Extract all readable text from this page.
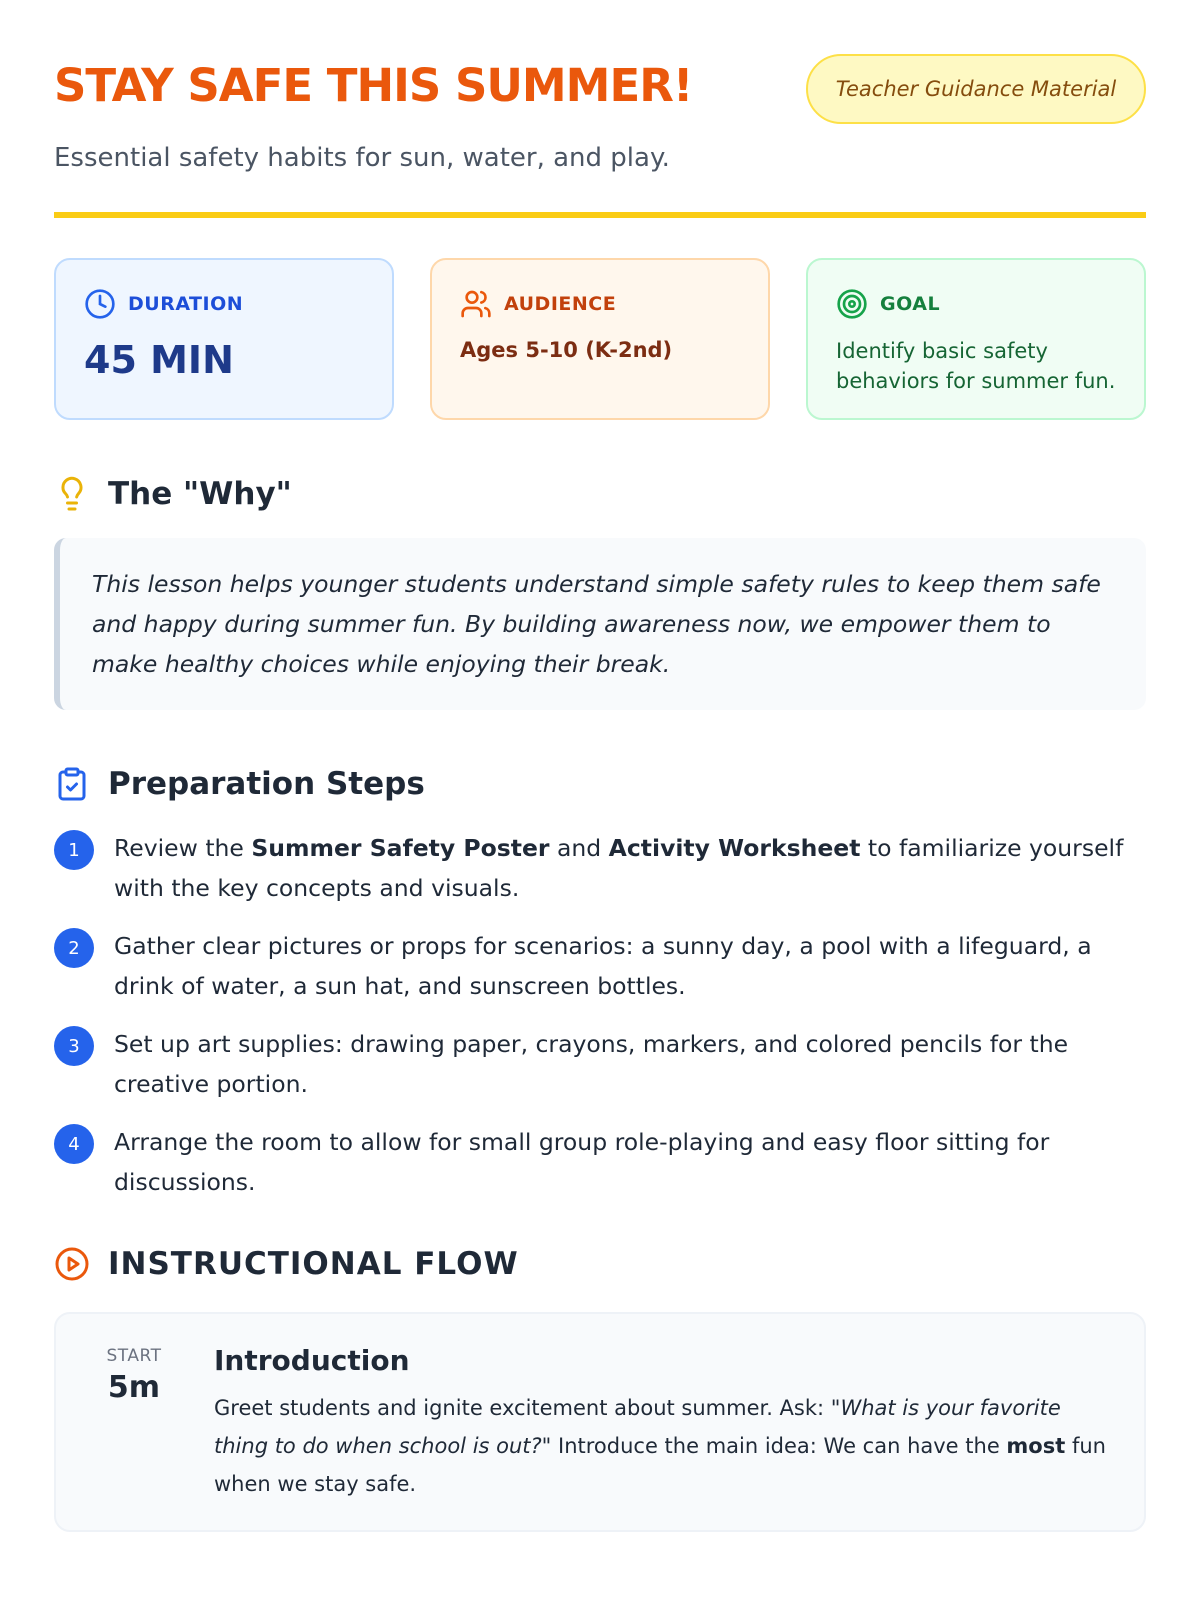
STAY SAFE THIS SUMMER!

Essential safety habits for sun, water, and play.

Teacher Guidance Material
DURATION
45 MIN
AUDIENCE
Ages 5-10 (K-2nd)
GOAL
Identify basic safety behaviors for summer fun.
The "Why"
This lesson helps younger students understand simple safety rules to keep them safe and happy during summer fun. By building awareness now, we empower them to make healthy choices while enjoying their break.
Preparation Steps
1	Review the Summer Safety Poster and Activity Worksheet to familiarize yourself with the key concepts and visuals.
2	Gather clear pictures or props for scenarios: a sunny day, a pool with a lifeguard, a drink of water, a sun hat, and sunscreen bottles.
3	Set up art supplies: drawing paper, crayons, markers, and colored pencils for the creative portion.
4	Arrange the room to allow for small group role-playing and easy floor sitting for discussions.
INSTRUCTIONAL FLOW
START
5m
Introduction

Greet students and ignite excitement about summer. Ask: "What is your favorite thing to do when school is out?" Introduce the main idea: We can have the most fun when we stay safe.
